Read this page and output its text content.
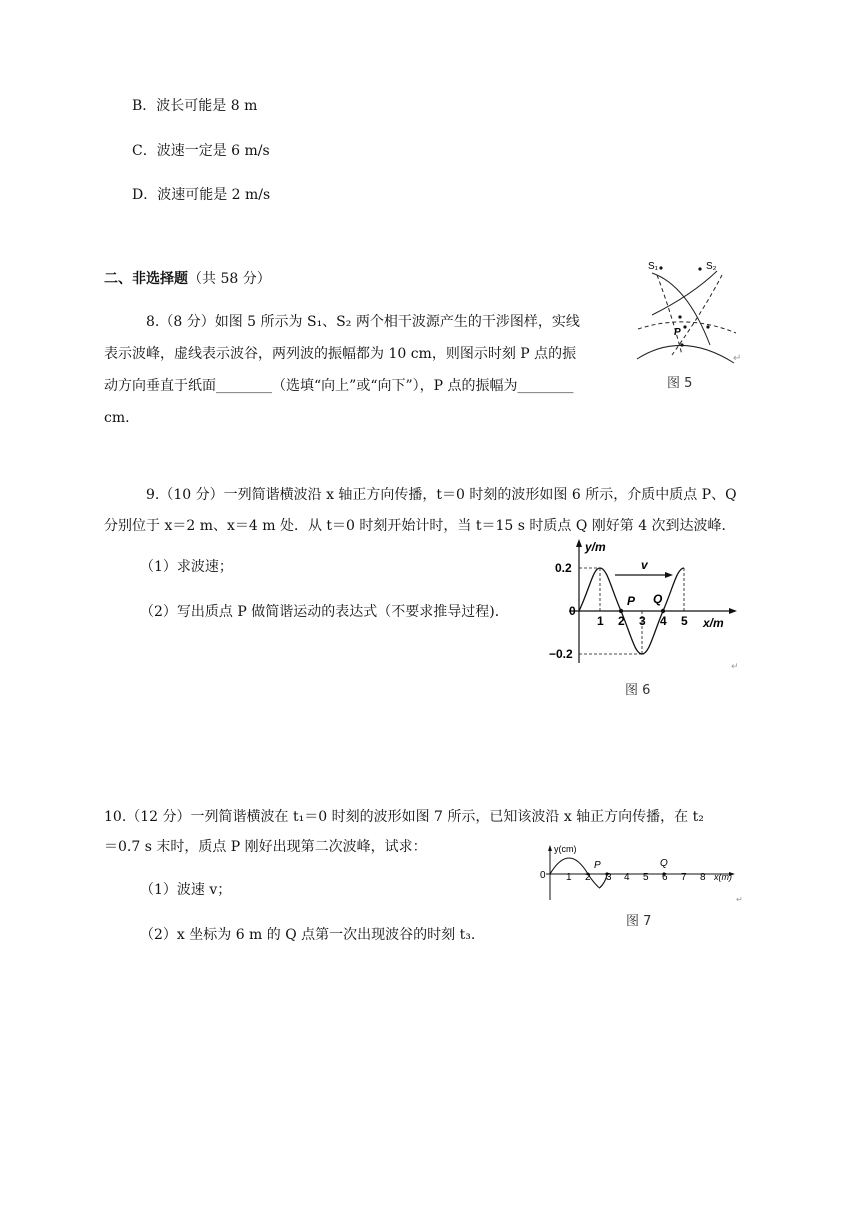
B．波长可能是 8 m
C．波速一定是 6 m/s
D．波速可能是 2 m/s
二、非选择题（共 58 分）
8.（8 分）如图 5 所示为 S₁、S₂ 两个相干波源产生的干涉图样，实线
表示波峰，虚线表示波谷，两列波的振幅都为 10 cm，则图示时刻 P 点的振
动方向垂直于纸面________（选填“向上”或“向下”），P 点的振幅为________
cm.
S₁	S₂
P
↵
图 5
9.（10 分）一列简谐横波沿 x 轴正方向传播，t＝0 时刻的波形如图 6 所示，介质中质点 P、Q
分别位于 x＝2 m、x＝4 m 处．从 t＝0 时刻开始计时，当 t＝15 s 时质点 Q 刚好第 4 次到达波峰．
（1）求波速；
（2）写出质点 P 做简谐运动的表达式（不要求推导过程)．
v
P Q
y/m
x/m
0.2
0
−0.2
1 2 3 4 5
↵
图 6
10.（12 分）一列简谐横波在 t₁＝0 时刻的波形如图 7 所示，已知该波沿 x 轴正方向传播，在 t₂
＝0.7 s 末时，质点 P 刚好出现第二次波峰，试求：
（1）波速 v；
（2）x 坐标为 6 m 的 Q 点第一次出现波谷的时刻 t₃.
y(cm)
0
P	Q
1 2 3 4 5 6 7 8 x(m)
↵
图 7
